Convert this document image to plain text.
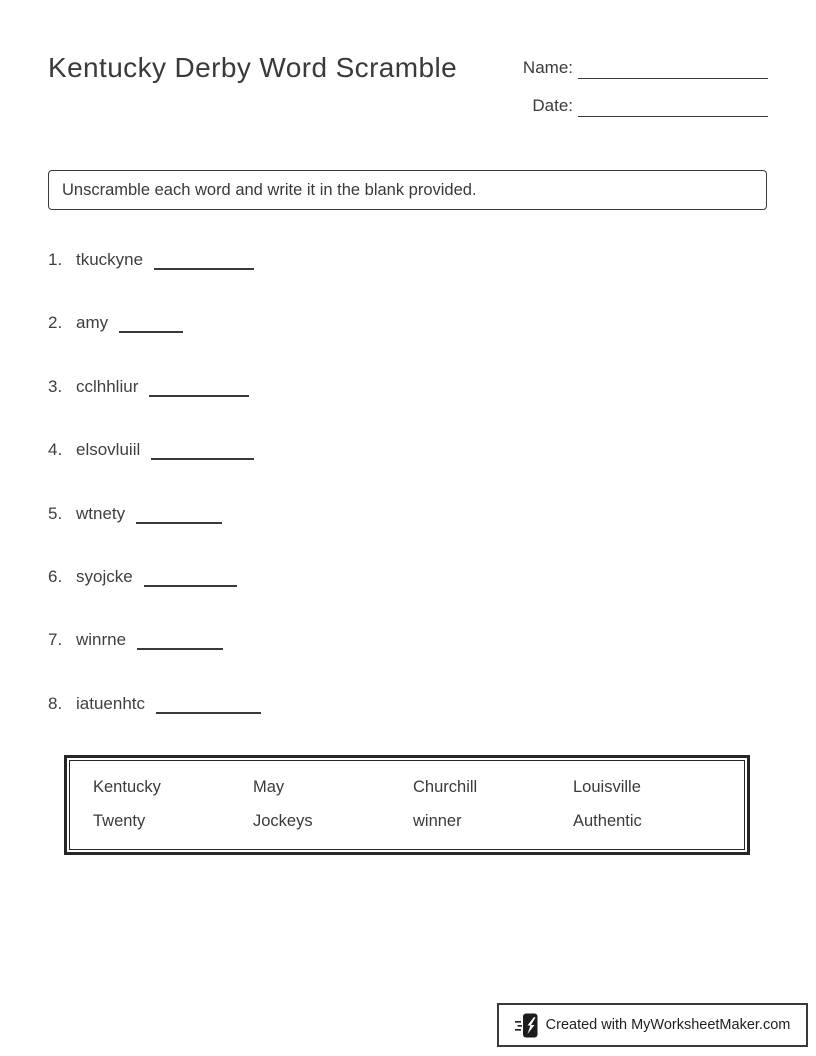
Kentucky Derby Word Scramble	Name:
Date:
Unscramble each word and write it in the blank provided.
1. tkuckyne
2. amy
3. cclhhliur
4. elsovluiil
5. wtnety
6. syojcke
7. winrne
8. iatuenhtc
Kentucky	May	Churchill	Louisville
Twenty	Jockeys	winner	Authentic
Created with MyWorksheetMaker.com
